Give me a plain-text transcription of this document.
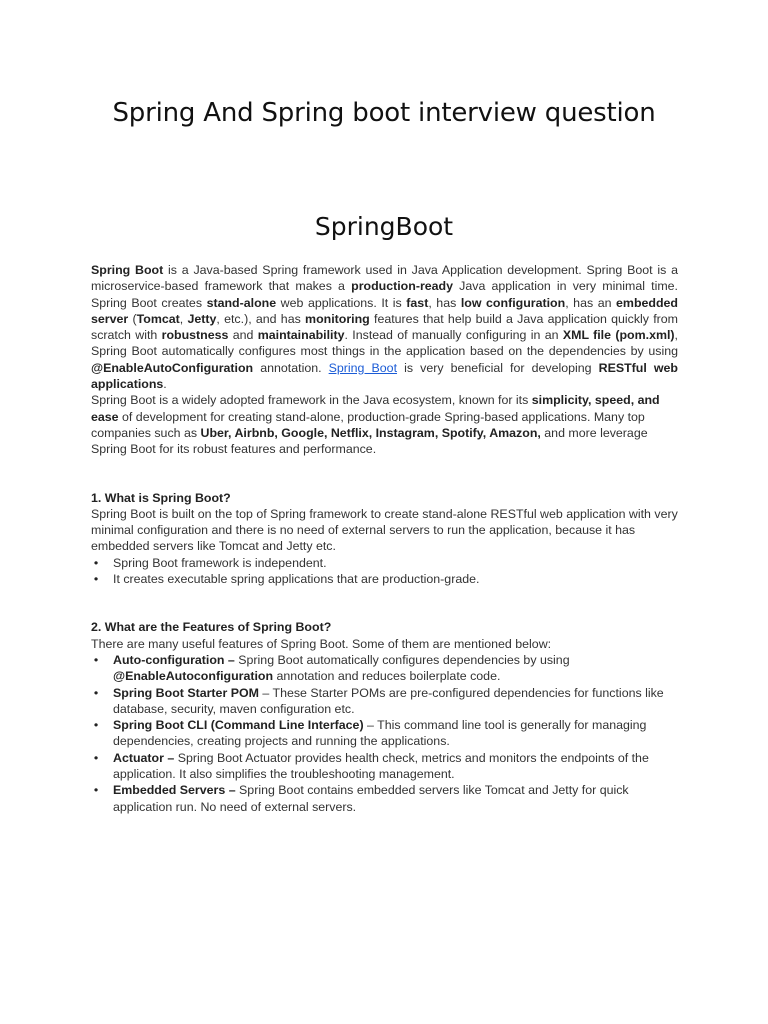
Spring And Spring boot interview question
SpringBoot

Spring Boot is a Java-based Spring framework used in Java Application development. Spring Boot is a microservice-based framework that makes a production-ready Java application in very minimal time. Spring Boot creates stand-alone web applications. It is fast, has low configuration, has an embedded server (Tomcat, Jetty, etc.), and has monitoring features that help build a Java application quickly from scratch with robustness and maintainability. Instead of manually configuring in an XML file (pom.xml), Spring Boot automatically configures most things in the application based on the dependencies by using @EnableAutoConfiguration annotation. Spring Boot is very beneficial for developing RESTful web applications.

Spring Boot is a widely adopted framework in the Java ecosystem, known for its simplicity, speed, and ease of development for creating stand-alone, production-grade Spring-based applications. Many top companies such as Uber, Airbnb, Google, Netflix, Instagram, Spotify, Amazon, and more leverage Spring Boot for its robust features and performance.

1. What is Spring Boot?

Spring Boot is built on the top of Spring framework to create stand-alone RESTful web application with very minimal configuration and there is no need of external servers to run the application, because it has embedded servers like Tomcat and Jetty etc.

• Spring Boot framework is independent.
• It creates executable spring applications that are production-grade.

2. What are the Features of Spring Boot?

There are many useful features of Spring Boot. Some of them are mentioned below:

• Auto-configuration – Spring Boot automatically configures dependencies by using @EnableAutoconfiguration annotation and reduces boilerplate code.
• Spring Boot Starter POM – These Starter POMs are pre-configured dependencies for functions like database, security, maven configuration etc.
• Spring Boot CLI (Command Line Interface) – This command line tool is generally for managing dependencies, creating projects and running the applications.
• Actuator – Spring Boot Actuator provides health check, metrics and monitors the endpoints of the application. It also simplifies the troubleshooting management.
• Embedded Servers – Spring Boot contains embedded servers like Tomcat and Jetty for quick application run. No need of external servers.
